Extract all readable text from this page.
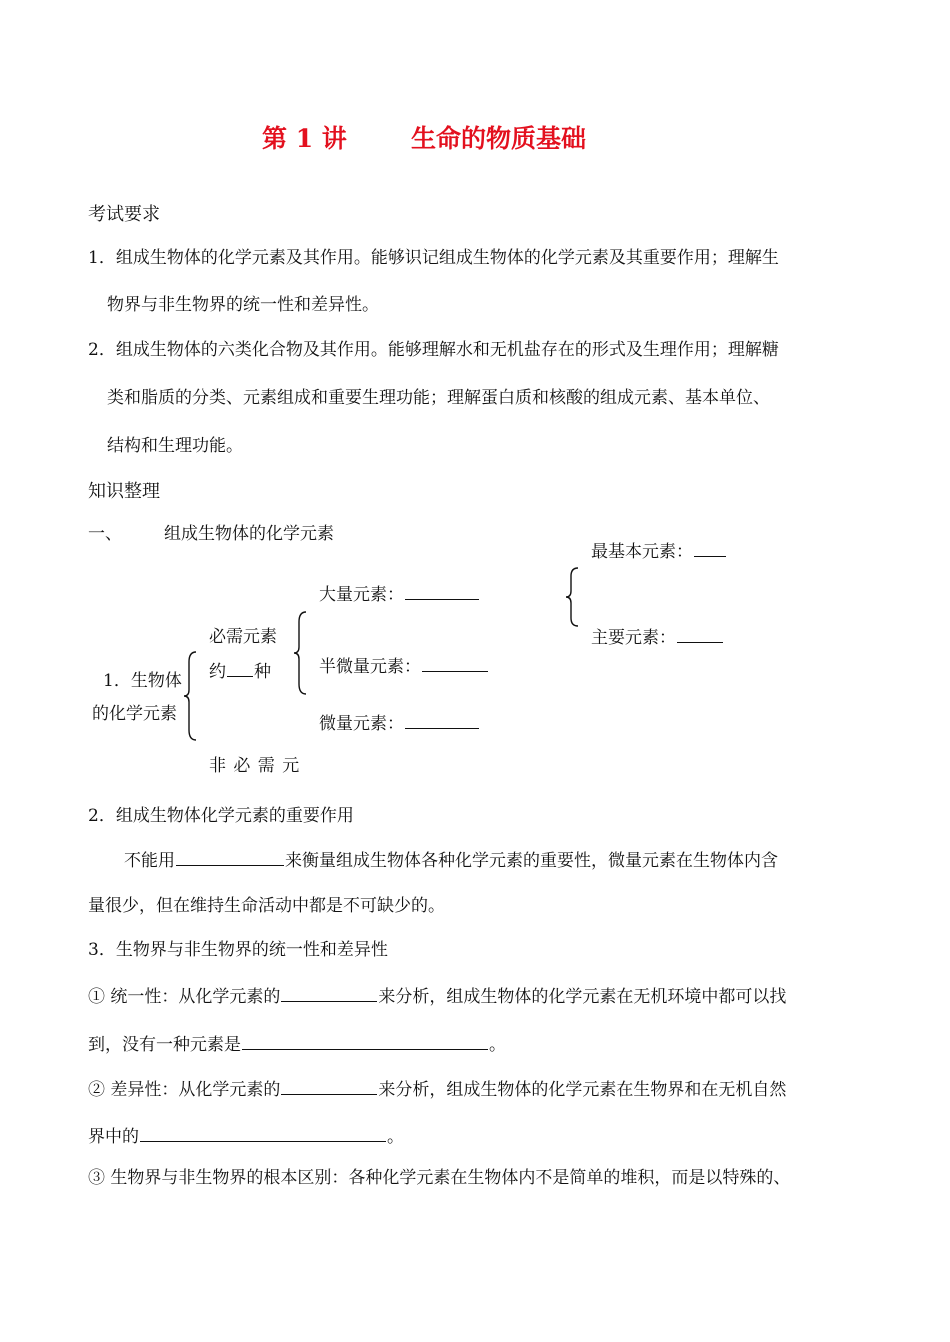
第 1 讲	生命的物质基础
考试要求
1．组成生物体的化学元素及其作用。能够识记组成生物体的化学元素及其重要作用；理解生
物界与非生物界的统一性和差异性。
2．组成生物体的六类化合物及其作用。能够理解水和无机盐存在的形式及生理作用；理解糖
类和脂质的分类、元素组成和重要生理功能；理解蛋白质和核酸的组成元素、基本单位、
结构和生理功能。
知识整理
一、 组成生物体的化学元素
1．生物体
的化学元素
必需元素
约 种
非 必 需 元
大量元素：
半微量元素：
微量元素：
最基本元素：
主要元素：
2．组成生物体化学元素的重要作用
不能用	来衡量组成生物体各种化学元素的重要性，微量元素在生物体内含
量很少，但在维持生命活动中都是不可缺少的。
3．生物界与非生物界的统一性和差异性
① 统一性：从化学元素的	来分析，组成生物体的化学元素在无机环境中都可以找
到，没有一种元素是	。
② 差异性：从化学元素的	来分析，组成生物体的化学元素在生物界和在无机自然
界中的	。
③ 生物界与非生物界的根本区别：各种化学元素在生物体内不是简单的堆积，而是以特殊的、
